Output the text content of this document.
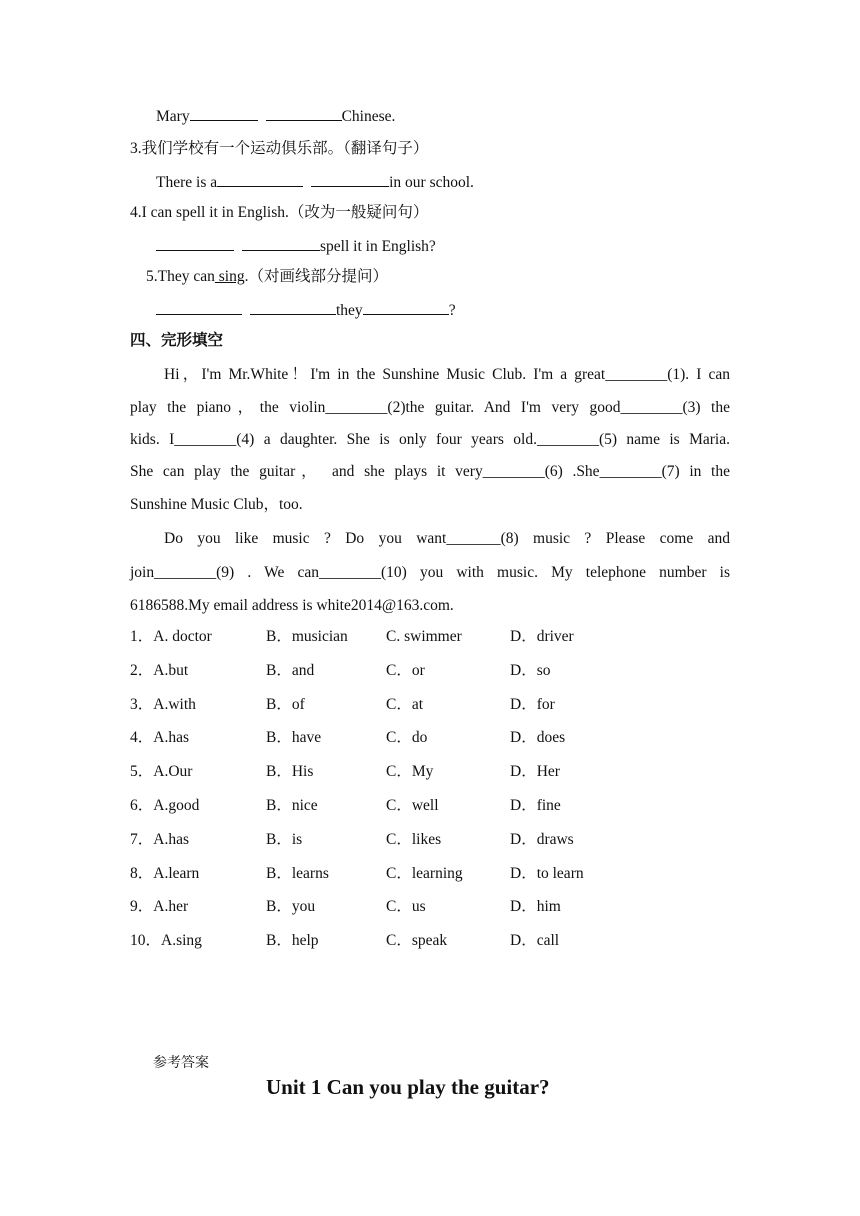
Mary	Chinese.
3.我们学校有一个运动俱乐部。（翻译句子）
There is a	in our school.
4.I can spell it in English.（改为一般疑问句）
spell it in English?
5.They can sing.（对画线部分提问）
they	?
四、完形填空
Hi，I'm Mr.White！I'm in the Sunshine Music Club. I'm a great________(1). I can
play the piano，the violin________(2)the guitar. And I'm very good________(3) the
kids. I________(4) a daughter. She is only four years old.________(5) name is Maria.
She can play the guitar， and she plays it very________(6) .She________(7) in the
Sunshine Music Club，too.
Do you like music ? Do you want_______(8) music ? Please come and
join________(9) . We can________(10) you with music. My telephone number is
6186588.My email address is white2014@163.com.
1．A. doctor	B．musician C. swimmer	D．driver
2．A.but	B．and	C．or	D．so
3．A.with	B．of	C．at	D．for
4．A.has	B．have	C．do	D．does
5．A.Our	B．His	C．My	D．Her
6．A.good	B．nice	C．well	D．fine
7．A.has	B．is	C．likes	D．draws
8．A.learn	B．learns	C．learning	D．to learn
9．A.her	B．you	C．us	D．him
10．A.sing	B．help	C．speak	D．call
参考答案
Unit 1 Can you play the guitar?
